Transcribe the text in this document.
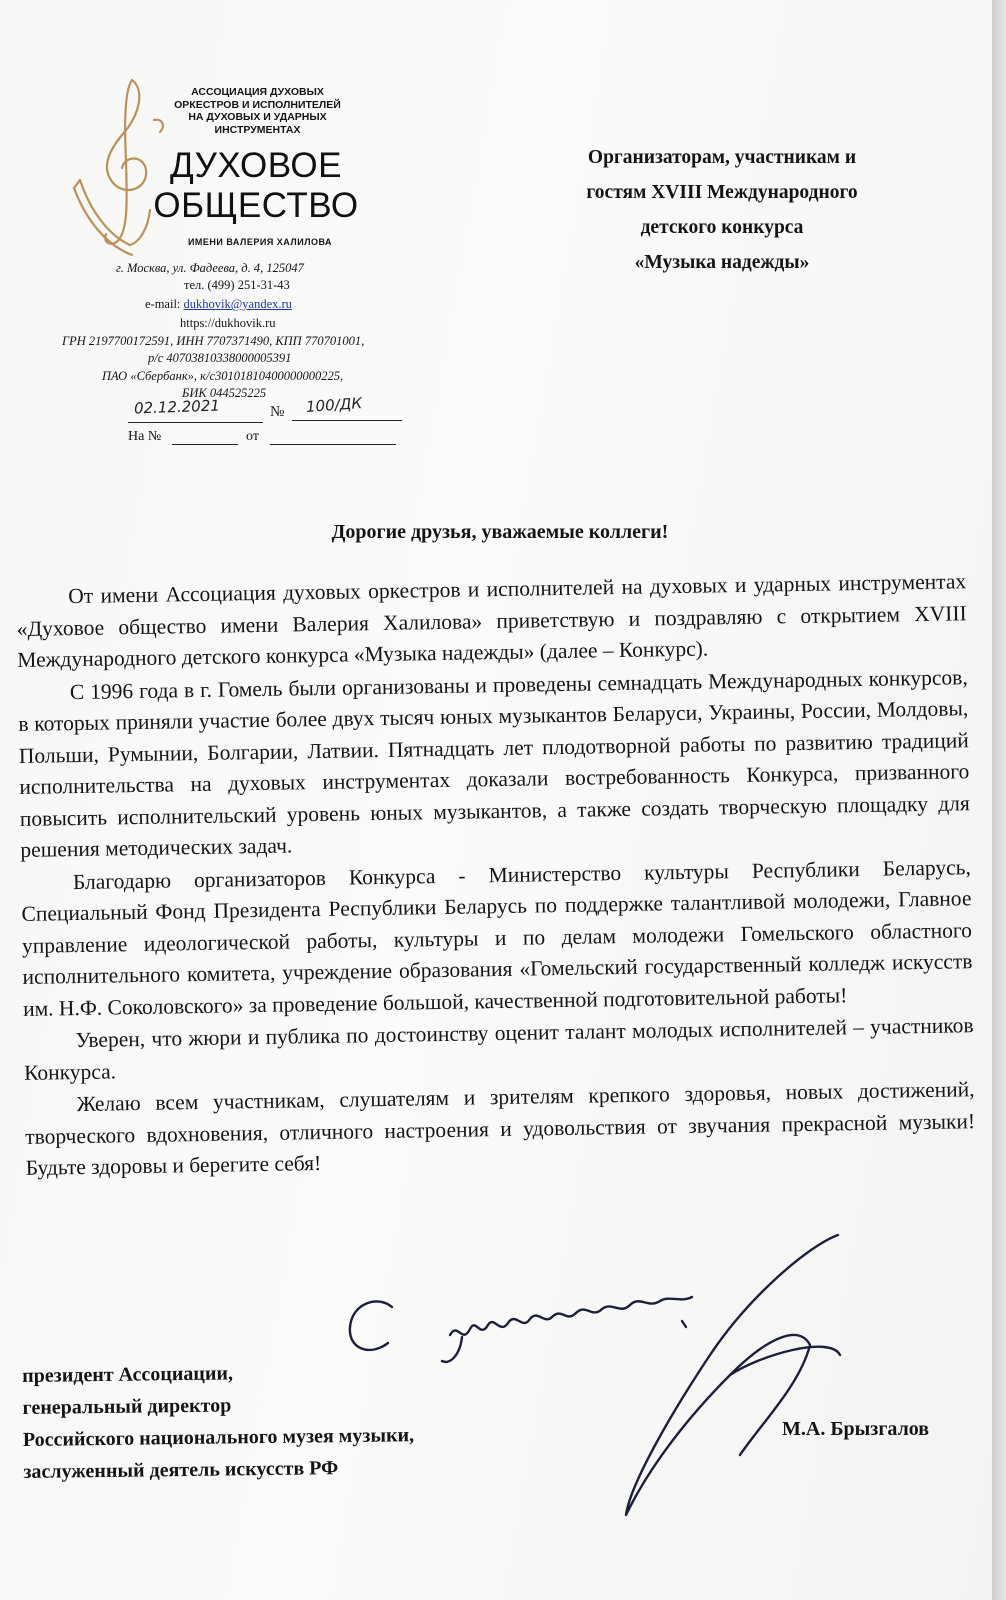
АССОЦИАЦИЯ ДУХОВЫХ
ОРКЕСТРОВ И ИСПОЛНИТЕЛЕЙ
НА ДУХОВЫХ И УДАРНЫХ
ИНСТРУМЕНТАХ
ДУХОВОЕ
ОБЩЕСТВО
ИМЕНИ ВАЛЕРИЯ ХАЛИЛОВА
г. Москва, ул. Фадеева, д. 4, 125047
тел. (499) 251-31-43
e-mail: dukhovik@yandex.ru
https://dukhovik.ru
ГРН 2197700172591, ИНН 7707371490, КПП 770701001,
р/с 40703810338000005391
ПАО «Сбербанк», к/с30101810400000000225,
БИК 044525225
02.12.2021	№ 100/ДК
На №	от
Организаторам, участникам и
гостям XVIII Международного
детского конкурса
«Музыка надежды»
Дорогие друзья, уважаемые коллеги!

От имени Ассоциация духовых оркестров и исполнителей на духовых и ударных инструментах «Духовое общество имени Валерия Халилова» приветствую и поздравляю с открытием XVIII Международного детского конкурса «Музыка надежды» (далее – Конкурс).

С 1996 года в г. Гомель были организованы и проведены семнадцать Международных конкурсов, в которых приняли участие более двух тысяч юных музыкантов Беларуси, Украины, России, Молдовы, Польши, Румынии, Болгарии, Латвии. Пятнадцать лет плодотворной работы по развитию традиций исполнительства на духовых инструментах доказали востребованность Конкурса, призванного повысить исполнительский уровень юных музыкантов, а также создать творческую площадку для решения методических задач.

Благодарю организаторов Конкурса - Министерство культуры Республики Беларусь, Специальный Фонд Президента Республики Беларусь по поддержке талантливой молодежи, Главное управление идеологической работы, культуры и по делам молодежи Гомельского областного исполнительного комитета, учреждение образования «Гомельский государственный колледж искусств им. Н.Ф. Соколовского» за проведение большой, качественной подготовительной работы!

Уверен, что жюри и публика по достоинству оценит талант молодых исполнителей – участников Конкурса.

Желаю всем участникам, слушателям и зрителям крепкого здоровья, новых достижений, творческого вдохновения, отличного настроения и удовольствия от звучания прекрасной музыки! Будьте здоровы и берегите себя!

президент Ассоциации,
генеральный директор
Российского национального музея музыки,
заслуженный деятель искусств РФ
М.А. Брызгалов
